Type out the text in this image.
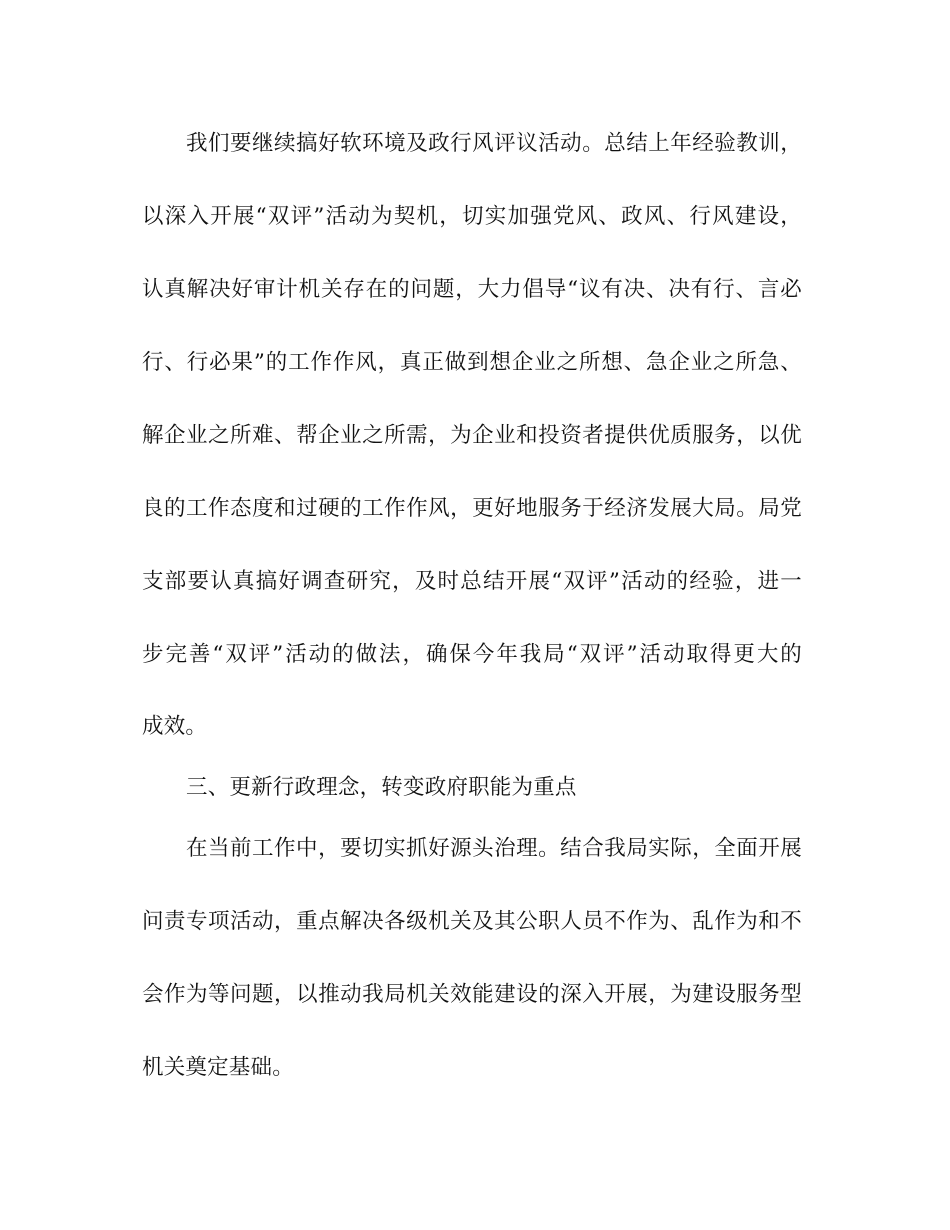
我们要继续搞好软环境及政行风评议活动。总结上年经验教训，
以深入开展“双评”活动为契机，切实加强党风、政风、行风建设，
认真解决好审计机关存在的问题，大力倡导“议有决、决有行、言必
行、行必果”的工作作风，真正做到想企业之所想、急企业之所急、
解企业之所难、帮企业之所需，为企业和投资者提供优质服务，以优
良的工作态度和过硬的工作作风，更好地服务于经济发展大局。局党
支部要认真搞好调查研究，及时总结开展“双评”活动的经验，进一
步完善“双评”活动的做法，确保今年我局“双评”活动取得更大的
成效。
三、更新行政理念，转变政府职能为重点
在当前工作中，要切实抓好源头治理。结合我局实际，全面开展
问责专项活动，重点解决各级机关及其公职人员不作为、乱作为和不
会作为等问题，以推动我局机关效能建设的深入开展，为建设服务型
机关奠定基础。
